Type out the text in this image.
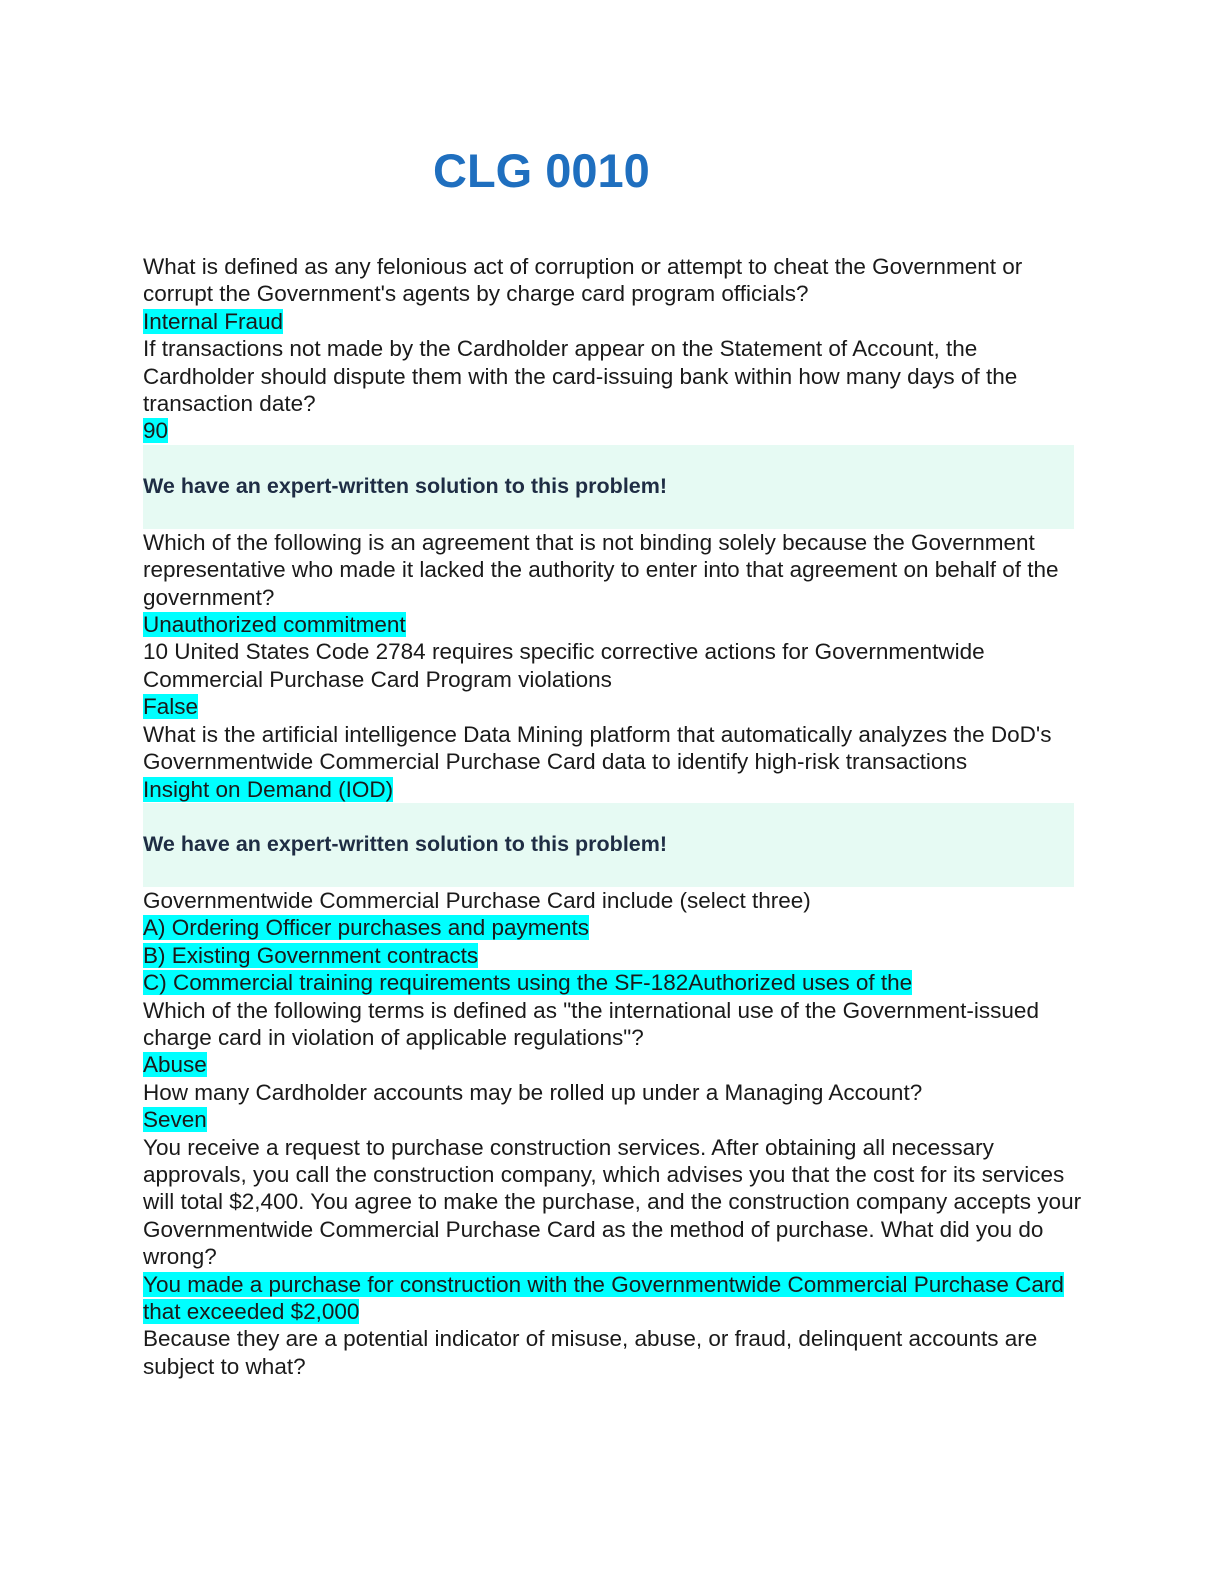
CLG 0010
What is defined as any felonious act of corruption or attempt to cheat the Government or corrupt the Government's agents by charge card program officials?
Internal Fraud
If transactions not made by the Cardholder appear on the Statement of Account, the Cardholder should dispute them with the card-issuing bank within how many days of the transaction date?
90
We have an expert-written solution to this problem!
Which of the following is an agreement that is not binding solely because the Government representative who made it lacked the authority to enter into that agreement on behalf of the government?
Unauthorized commitment
10 United States Code 2784 requires specific corrective actions for Governmentwide Commercial Purchase Card Program violations
False
What is the artificial intelligence Data Mining platform that automatically analyzes the DoD's Governmentwide Commercial Purchase Card data to identify high-risk transactions
Insight on Demand (IOD)
We have an expert-written solution to this problem!
Governmentwide Commercial Purchase Card include (select three)
A) Ordering Officer purchases and payments
B) Existing Government contracts
C) Commercial training requirements using the SF-182Authorized uses of the
Which of the following terms is defined as "the international use of the Government-issued charge card in violation of applicable regulations"?
Abuse
How many Cardholder accounts may be rolled up under a Managing Account?
Seven
You receive a request to purchase construction services. After obtaining all necessary approvals, you call the construction company, which advises you that the cost for its services will total $2,400. You agree to make the purchase, and the construction company accepts your Governmentwide Commercial Purchase Card as the method of purchase. What did you do wrong?
You made a purchase for construction with the Governmentwide Commercial Purchase Card that exceeded $2,000
Because they are a potential indicator of misuse, abuse, or fraud, delinquent accounts are subject to what?
